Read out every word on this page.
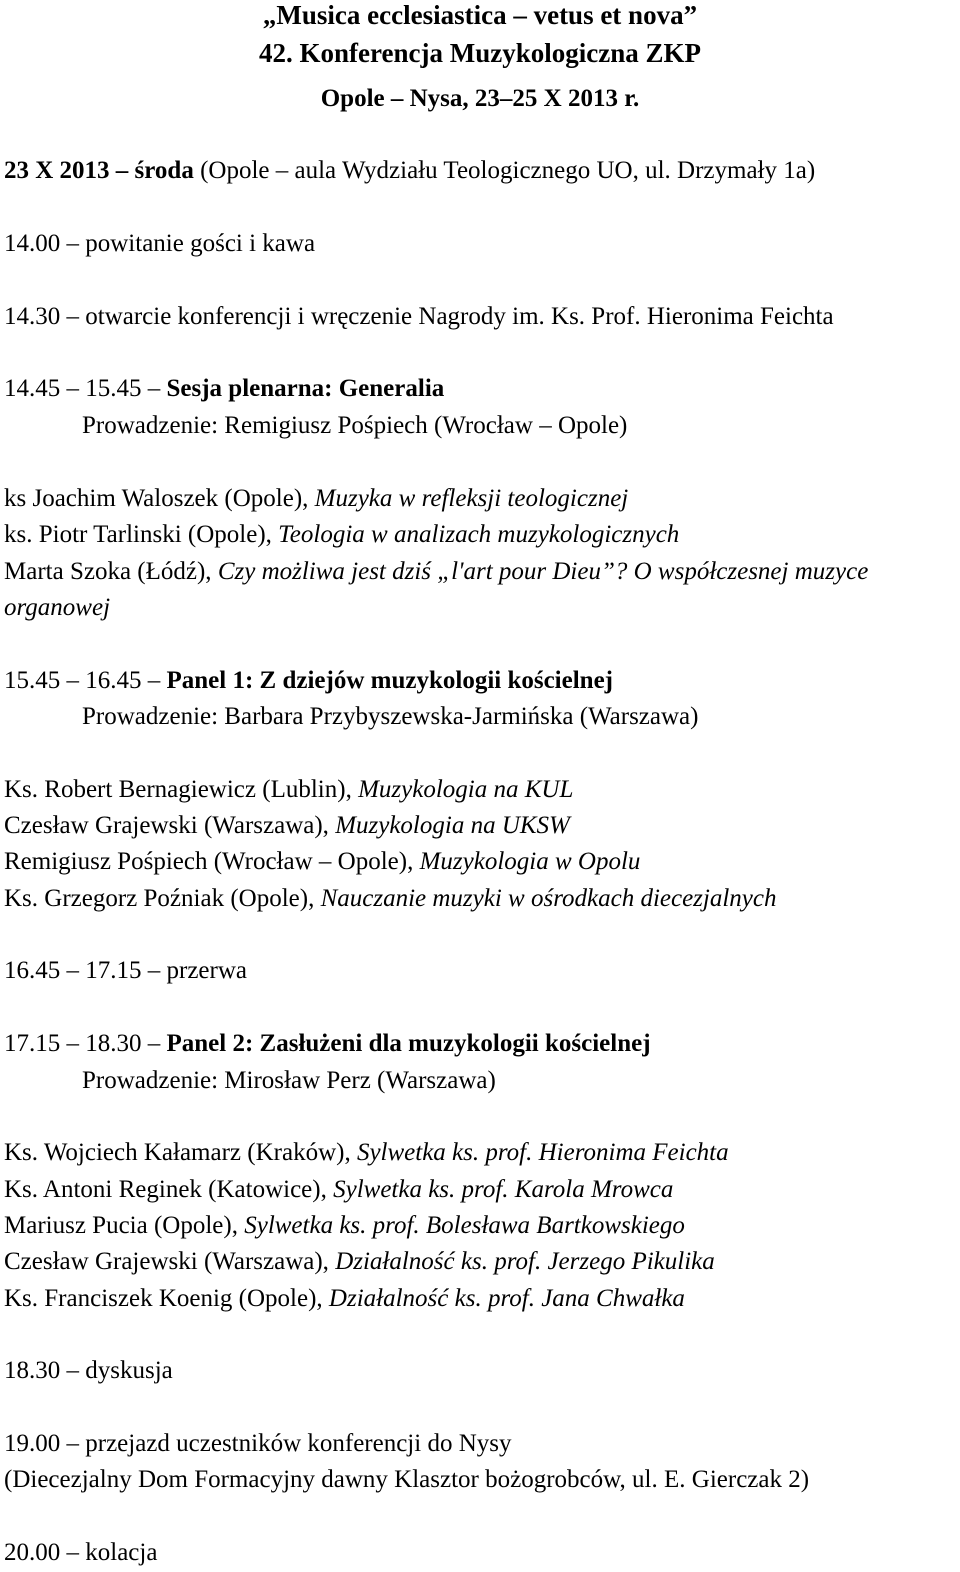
„Musica ecclesiastica – vetus et nova”
42. Konferencja Muzykologiczna ZKP
Opole – Nysa, 23–25 X 2013 r.
23 X 2013 – środa (Opole – aula Wydziału Teologicznego UO, ul. Drzymały 1a)
14.00 – powitanie gości i kawa
14.30 – otwarcie konferencji i wręczenie Nagrody im. Ks. Prof. Hieronima Feichta
14.45 – 15.45 – Sesja plenarna: Generalia
Prowadzenie: Remigiusz Pośpiech (Wrocław – Opole)
ks Joachim Waloszek (Opole), Muzyka w refleksji teologicznej
ks. Piotr Tarlinski (Opole), Teologia w analizach muzykologicznych
Marta Szoka (Łódź), Czy możliwa jest dziś „l'art pour Dieu”? O współczesnej muzyce
organowej
15.45 – 16.45 – Panel 1: Z dziejów muzykologii kościelnej
Prowadzenie: Barbara Przybyszewska-Jarmińska (Warszawa)
Ks. Robert Bernagiewicz (Lublin), Muzykologia na KUL
Czesław Grajewski (Warszawa), Muzykologia na UKSW
Remigiusz Pośpiech (Wrocław – Opole), Muzykologia w Opolu
Ks. Grzegorz Poźniak (Opole), Nauczanie muzyki w ośrodkach diecezjalnych
16.45 – 17.15 – przerwa
17.15 – 18.30 – Panel 2: Zasłużeni dla muzykologii kościelnej
Prowadzenie: Mirosław Perz (Warszawa)
Ks. Wojciech Kałamarz (Kraków), Sylwetka ks. prof. Hieronima Feichta
Ks. Antoni Reginek (Katowice), Sylwetka ks. prof. Karola Mrowca
Mariusz Pucia (Opole), Sylwetka ks. prof. Bolesława Bartkowskiego
Czesław Grajewski (Warszawa), Działalność ks. prof. Jerzego Pikulika
Ks. Franciszek Koenig (Opole), Działalność ks. prof. Jana Chwałka
18.30 – dyskusja
19.00 – przejazd uczestników konferencji do Nysy
(Diecezjalny Dom Formacyjny dawny Klasztor bożogrobców, ul. E. Gierczak 2)
20.00 – kolacja
